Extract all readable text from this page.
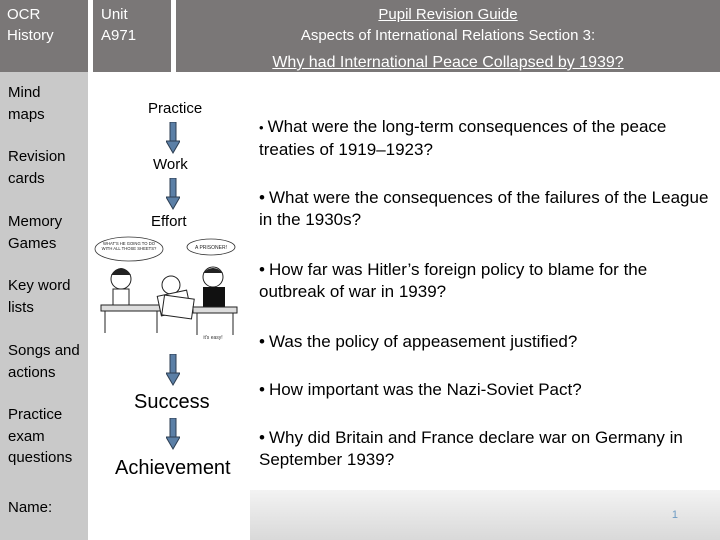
OCR
History
Unit
A971
Pupil Revision Guide
Aspects of International Relations Section 3:
Why had International Peace Collapsed by 1939?
Mind
maps
Revision
cards
Memory
Games
Key word
lists
Songs and
actions
Practice
exam
questions
Name:
Practice
Work
Effort
WHAT'S HE GOING TO DO
WITH ALL THOSE SHEETS?	A PRISONER!
it's easy!
Success
Achievement
• What were the long-term consequences of the peace treaties of 1919–1923?
• What were the consequences of the failures of the League in the 1930s?
• How far was Hitler’s foreign policy to blame for the outbreak of war in 1939?
• Was the policy of appeasement justified?
• How important was the Nazi-Soviet Pact?
• Why did Britain and France declare war on Germany in September 1939?
1
